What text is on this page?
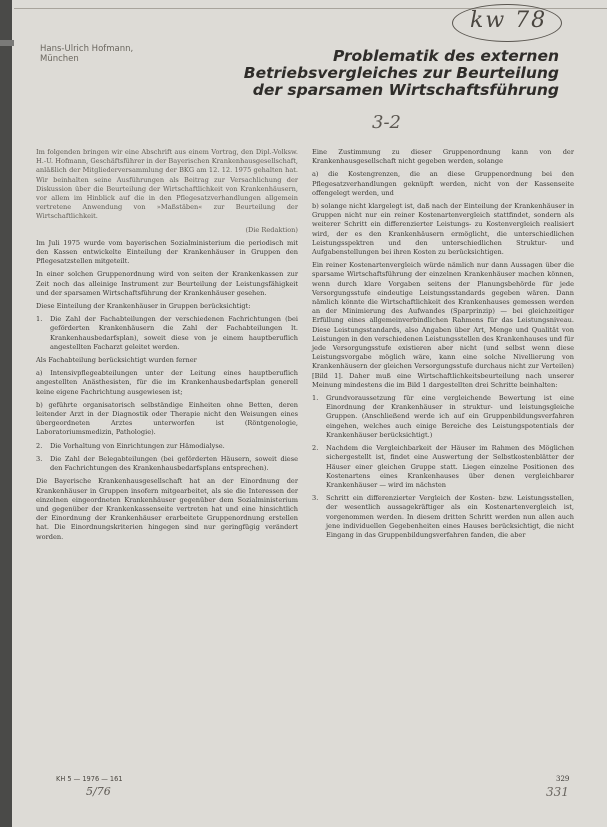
kw 78
Hans-Ulrich Hofmann,
München	Problematik des externen
Betriebsvergleiches zur Beurteilung
der sparsamen Wirtschaftsführung
3-2

Im folgenden bringen wir eine Abschrift aus einem Vortrag, den Dipl.-Volksw. H.-U. Hofmann, Geschäftsführer in der Bayerischen Krankenhausgesellschaft, anläßlich der Mitgliederversammlung der BKG am 12. 12. 1975 gehalten hat. Wir beinhalten seine Ausführungen als Beitrag zur Versachlichung der Diskussion über die Beurteilung der Wirtschaftlichkeit von Krankenhäusern, vor allem im Hinblick auf die in den Pflegesatzverhandlungen allgemein vertretene Anwendung von »Maßstäben« zur Beurteilung der Wirtschaftlichkeit.

(Die Redaktion)

Im Juli 1975 wurde vom bayerischen Sozialministerium die periodisch mit den Kassen entwickelte Einteilung der Krankenhäuser in Gruppen den Pflegesatzstellen mitgeteilt.

In einer solchen Gruppenordnung wird von seiten der Krankenkassen zur Zeit noch das alleinige Instrument zur Beurteilung der Leistungsfähigkeit und der sparsamen Wirtschaftsführung der Krankenhäuser gesehen.

Diese Einteilung der Krankenhäuser in Gruppen berücksichtigt:

1. Die Zahl der Fachabteilungen der verschiedenen Fachrichtungen (bei geförderten Krankenhäusern die Zahl der Fachabteilungen lt. Krankenhausbedarfsplan), soweit diese von je einem hauptberuflich angestellten Facharzt geleitet werden.

Als Fachabteilung berücksichtigt wurden ferner

a) Intensivpflegeabteilungen unter der Leitung eines hauptberuflich angestellten Anästhesisten, für die im Krankenhausbedarfsplan generell keine eigene Fachrichtung ausgewiesen ist;

b) geführte organisatorisch selbständige Einheiten ohne Betten, deren leitender Arzt in der Diagnostik oder Therapie nicht den Weisungen eines übergeordneten Arztes unterworfen ist (Röntgenologie, Laboratoriumsmedizin, Pathologie).

2. Die Vorhaltung von Einrichtungen zur Hämodialyse.
3. Die Zahl der Belegabteilungen (bei geförderten Häusern, soweit diese den Fachrichtungen des Krankenhausbedarfsplans entsprechen).

Die Bayerische Krankenhausgesellschaft hat an der Einordnung der Krankenhäuser in Gruppen insofern mitgearbeitet, als sie die Interessen der einzelnen eingeordneten Krankenhäuser gegenüber dem Sozialministerium und gegenüber der Krankenkassenseite vertreten hat und eine hinsichtlich der Einordnung der Krankenhäuser erarbeitete Gruppenordnung erstellen hat. Die Einordnungskriterien hingegen sind nur geringfügig verändert worden.

Eine Zustimmung zu dieser Gruppenordnung kann von der Krankenhausgesellschaft nicht gegeben werden, solange

a) die Kostengrenzen, die an diese Gruppenordnung bei den Pflegesatzverhandlungen geknüpft werden, nicht von der Kassenseite offengelegt werden, und

b) solange nicht klargelegt ist, daß nach der Einteilung der Krankenhäuser in Gruppen nicht nur ein reiner Kostenartenvergleich stattfindet, sondern als weiterer Schritt ein differenzierter Leistungs- zu Kostenvergleich realisiert wird, der es den Krankenhäusern ermöglicht, die unterschiedlichen Leistungsspektren und den unterschiedlichen Struktur- und Aufgabenstellungen bei ihren Kosten zu berücksichtigen.

Ein reiner Kostenartenvergleich würde nämlich nur dann Aussagen über die sparsame Wirtschaftsführung der einzelnen Krankenhäuser machen können, wenn durch klare Vorgaben seitens der Planungsbehörde für jede Versorgungsstufe eindeutige Leistungsstandards gegeben wären. Dann nämlich könnte die Wirtschaftlichkeit des Krankenhauses gemessen werden an der Minimierung des Aufwandes (Sparprinzip) — bei gleichzeitiger Erfüllung eines allgemeinverbindlichen Rahmens für das Leistungsniveau. Diese Leistungsstandards, also Angaben über Art, Menge und Qualität von Leistungen in den verschiedenen Leistungsstellen des Krankenhauses und für jede Versorgungsstufe existieren aber nicht (und selbst wenn diese Leistungsvorgabe möglich wäre, kann eine solche Nivellierung von Krankenhäusern der gleichen Versorgungsstufe durchaus nicht zur Verteilen) [Bild 1]. Daher muß eine Wirtschaftlichkeitsbeurteilung nach unserer Meinung mindestens die im Bild 1 dargestellten drei Schritte beinhalten:

1. Grundvoraussetzung für eine vergleichende Bewertung ist eine Einordnung der Krankenhäuser in struktur- und leistungsgleiche Gruppen. (Anschließend werde ich auf ein Gruppenbildungsverfahren eingehen, welches auch einige Bereiche des Leistungspotentials der Krankenhäuser berücksichtigt.)
2. Nachdem die Vergleichbarkeit der Häuser im Rahmen des Möglichen sichergestellt ist, findet eine Auswertung der Selbstkostenblätter der Häuser einer gleichen Gruppe statt. Liegen einzelne Positionen des Kostenartens eines Krankenhauses über denen vergleichbarer Krankenhäuser — wird im nächsten
3. Schritt ein differenzierter Vergleich der Kosten- bzw. Leistungsstellen, der wesentlich aussagekräftiger als ein Kostenartenvergleich ist, vorgenommen werden. In diesem dritten Schritt werden nun allen auch jene individuellen Gegebenheiten eines Hauses berücksichtigt, die nicht Eingang in das Gruppenbildungsverfahren fanden, die aber
KH 5 — 1976 — 161
5/76
329
331
